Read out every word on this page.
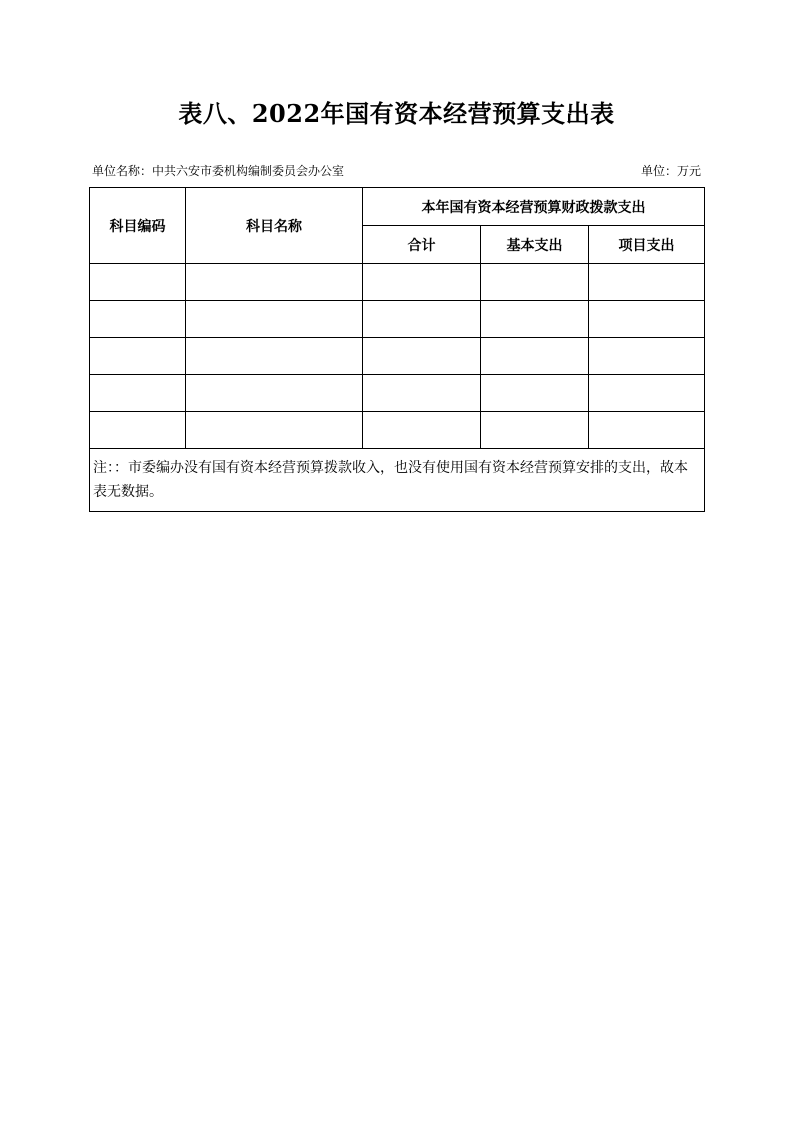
表八、2022年国有资本经营预算支出表
单位名称：中共六安市委机构编制委员会办公室	单位：万元
科目编码	科目名称	本年国有资本经营预算财政拨款支出		
		合计	基本支出	项目支出

注：：市委编办没有国有资本经营预算拨款收入，也没有使用国有资本经营预算安排的支出，故本表无数据。				
